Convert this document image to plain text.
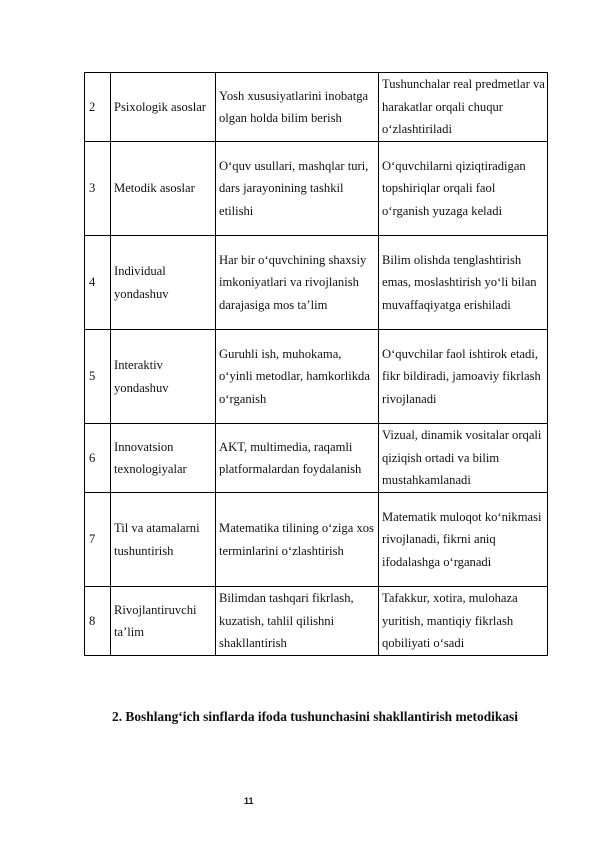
2	Psixologik asoslar	Yosh xususiyatlarini inobatga olgan holda bilim berish	Tushunchalar real predmetlar va harakatlar orqali chuqur o‘zlashtiriladi
3	Metodik asoslar	O‘quv usullari, mashqlar turi, dars jarayonining tashkil etilishi	O‘quvchilarni qiziqtiradigan topshiriqlar orqali faol o‘rganish yuzaga keladi
4	Individual yondashuv	Har bir o‘quvchining shaxsiy imkoniyatlari va rivojlanish darajasiga mos ta’lim	Bilim olishda tenglashtirish emas, moslashtirish yo‘li bilan muvaffaqiyatga erishiladi
5	Interaktiv yondashuv	Guruhli ish, muhokama, o‘yinli metodlar, hamkorlikda o‘rganish	O‘quvchilar faol ishtirok etadi, fikr bildiradi, jamoaviy fikrlash rivojlanadi
6	Innovatsion texnologiyalar	AKT, multimedia, raqamli platformalardan foydalanish	Vizual, dinamik vositalar orqali qiziqish ortadi va bilim mustahkamlanadi
7	Til va atamalarni tushuntirish	Matematika tilining o‘ziga xos terminlarini o‘zlashtirish	Matematik muloqot ko‘nikmasi rivojlanadi, fikrni aniq ifodalashga o‘rganadi
8	Rivojlantiruvchi ta’lim	Bilimdan tashqari fikrlash, kuzatish, tahlil qilishni shakllantirish	Tafakkur, xotira, mulohaza yuritish, mantiqiy fikrlash qobiliyati o‘sadi
2. Boshlang‘ich sinflarda ifoda tushunchasini shakllantirish metodikasi
11
